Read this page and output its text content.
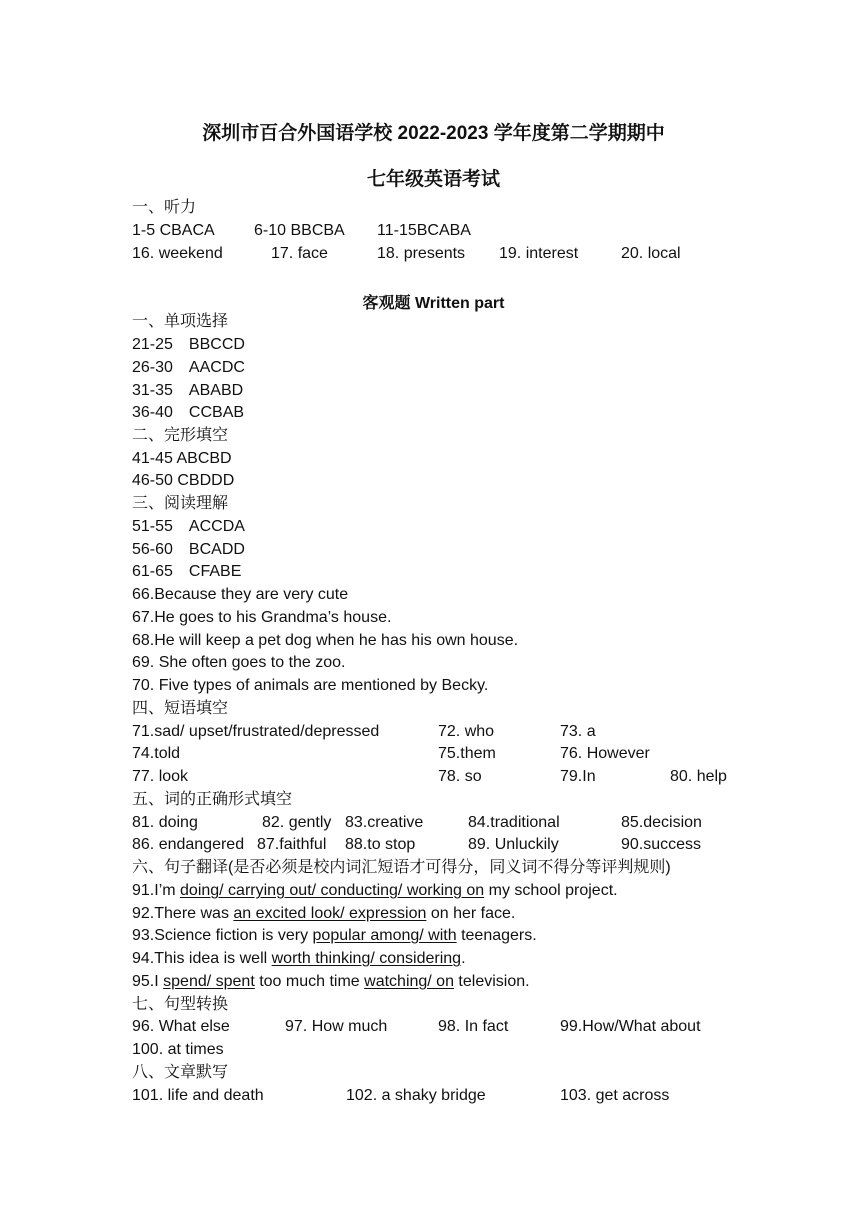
深圳市百合外国语学校 2022-2023 学年度第二学期期中
七年级英语考试
一、听力
1-5 CBACA 6-10 BBCBA 11-15BCABA
16. weekend	17. face	18. presents 19. interest	20. local
客观题 Written part
一、单项选择
21-25　BBCCD
26-30　AACDC
31-35　ABABD
36-40　CCBAB
二、完形填空
41-45 ABCBD
46-50 CBDDD
三、阅读理解
51-55　ACCDA
56-60　BCADD
61-65　CFABE
66.Because they are very cute
67.He goes to his Grandma’s house.
68.He will keep a pet dog when he has his own house.
69. She often goes to the zoo.
70. Five types of animals are mentioned by Becky.
四、短语填空
71.sad/ upset/frustrated/depressed	72. who	73. a
74.told	75.them	76. However
77. look	78. so	79.In	80. help
五、词的正确形式填空
81. doing	82. gently 83.creative	84.traditional	85.decision
86. endangered 87.faithful 88.to stop	89. Unluckily	90.success
六、句子翻译(是否必须是校内词汇短语才可得分，同义词不得分等评判规则)
91.I’m doing/ carrying out/ conducting/ working on my school project.
92.There was an excited look/ expression on her face.
93.Science fiction is very popular among/ with teenagers.
94.This idea is well worth thinking/ considering.
95.I spend/ spent too much time watching/ on television.
七、句型转换
96. What else	97. How much	98. In fact	99.How/What about
100. at times
八、文章默写
101. life and death	102. a shaky bridge	103. get across
